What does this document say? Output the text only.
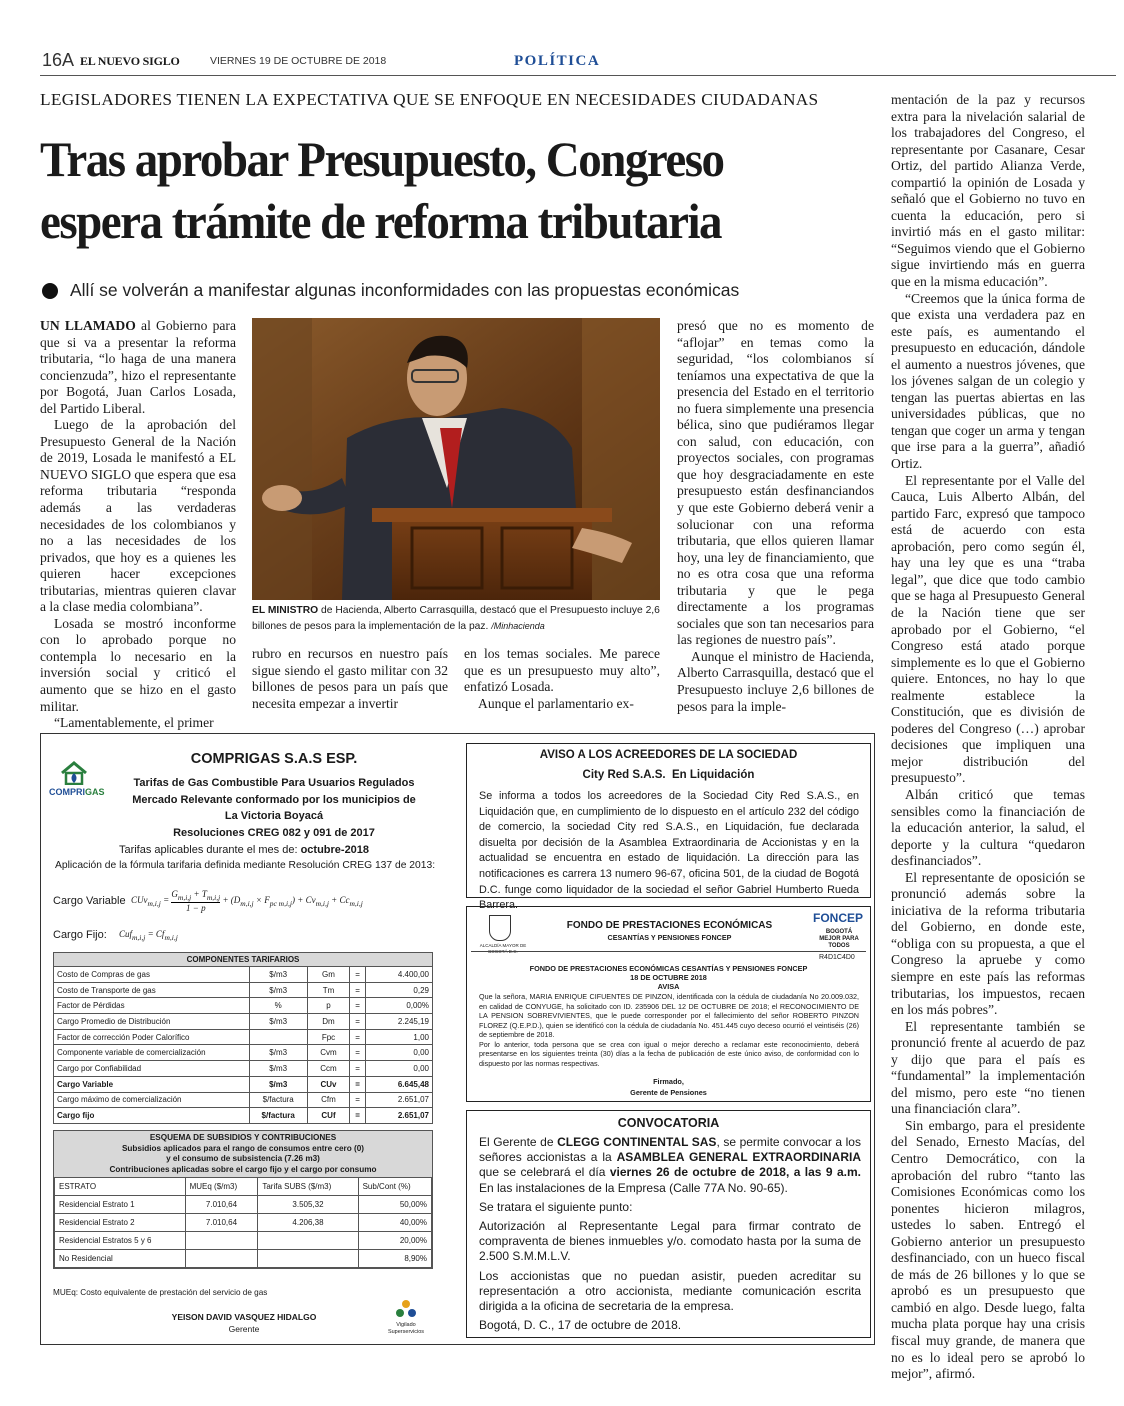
16A EL NUEVO SIGLO	VIERNES 19 DE OCTUBRE DE 2018	POLÍTICA
LEGISLADORES TIENEN LA EXPECTATIVA QUE SE ENFOQUE EN NECESIDADES CIUDADANAS
Tras aprobar Presupuesto, Congreso
espera trámite de reforma tributaria
Allí se volverán a manifestar algunas inconformidades con las propuestas económicas
EL MINISTRO de Hacienda, Alberto Carrasquilla, destacó que el Presupuesto incluye 2,6 billones de pesos para la implementación de la paz. /Minhacienda

UN LLAMADO al Gobierno para que si va a presentar la reforma tributaria, “lo haga de una manera concienzuda”, hizo el representante por Bogotá, Juan Carlos Losada, del Partido Liberal.

Luego de la aprobación del Presupuesto General de la Nación de 2019, Losada le manifestó a EL NUEVO SIGLO que espera que esa reforma tributaria “responda además a las verdaderas necesidades de los colombianos y no a las necesidades de los privados, que hoy es a quienes les quieren hacer excepciones tributarias, mientras quieren clavar a la clase media colombiana”.

Losada se mostró inconforme con lo aprobado porque no contempla lo necesario en la inversión social y criticó el aumento que se hizo en el gasto militar.

“Lamentablemente, el primer

rubro en recursos en nuestro país sigue siendo el gasto militar con 32 billones de pesos para un país que necesita empezar a invertir

en los temas sociales. Me parece que es un presupuesto muy alto”, enfatizó Losada.

Aunque el parlamentario ex-

presó que no es momento de “aflojar” en temas como la seguridad, “los colombianos sí teníamos una expectativa de que la presencia del Estado en el territorio no fuera simplemente una presencia bélica, sino que pudiéramos llegar con salud, con educación, con proyectos sociales, con programas que hoy desgraciadamente en este presupuesto están desfinanciandos y que este Gobierno deberá venir a solucionar con una reforma tributaria, que ellos quieren llamar hoy, una ley de financiamiento, que no es otra cosa que una reforma tributaria y que le pega directamente a los programas sociales que son tan necesarios para las regiones de nuestro país”.

Aunque el ministro de Hacienda, Alberto Carrasquilla, destacó que el Presupuesto incluye 2,6 billones de pesos para la imple-

mentación de la paz y recursos extra para la nivelación salarial de los trabajadores del Congreso, el representante por Casanare, Cesar Ortiz, del partido Alianza Verde, compartió la opinión de Losada y señaló que el Gobierno no tuvo en cuenta la educación, pero si invirtió más en el gasto militar: “Seguimos viendo que el Gobierno sigue invirtiendo más en guerra que en la misma educación”.

“Creemos que la única forma de que exista una verdadera paz en este país, es aumentando el presupuesto en educación, dándole el aumento a nuestros jóvenes, que los jóvenes salgan de un colegio y tengan las puertas abiertas en las universidades públicas, que no tengan que coger un arma y tengan que irse para a la guerra”, añadió Ortiz.

El representante por el Valle del Cauca, Luis Alberto Albán, del partido Farc, expresó que tampoco está de acuerdo con esta aprobación, pero como según él, hay una ley que es una “traba legal”, que dice que todo cambio que se haga al Presupuesto General de la Nación tiene que ser aprobado por el Gobierno, “el Congreso está atado porque simplemente es lo que el Gobierno quiere. Entonces, no hay lo que realmente establece la Constitución, que es división de poderes del Congreso (…) aprobar decisiones que impliquen una mejor distribución del presupuesto”.

Albán criticó que temas sensibles como la financiación de la educación anterior, la salud, el deporte y la cultura “quedaron desfinanciados”.

El representante de oposición se pronunció además sobre la iniciativa de la reforma tributaria del Gobierno, en donde este, “obliga con su propuesta, a que el Congreso la apruebe y como siempre en este país las reformas tributarias, los impuestos, recaen en los más pobres”.

El representante también se pronunció frente al acuerdo de paz y dijo que para el país es “fundamental” la implementación del mismo, pero este “no tienen una financiación clara”.

Sin embargo, para el presidente del Senado, Ernesto Macías, del Centro Democrático, con la aprobación del rubro “tanto las Comisiones Económicas como los ponentes hicieron milagros, ustedes lo saben. Entregó el Gobierno anterior un presupuesto desfinanciado, con un hueco fiscal de más de 26 billones y lo que se aprobó es un presupuesto que cambió en algo. Desde luego, falta mucha plata porque hay una crisis fiscal muy grande, de manera que no es lo ideal pero se aprobó lo mejor”, afirmó.

COMPRIGAS
COMPRIGAS S.A.S ESP.
Tarifas de Gas Combustible Para Usuarios Regulados
Mercado Relevante conformado por los municipios de
La Victoria Boyacá
Resoluciones CREG 082 y 091 de 2017
Tarifas aplicables durante el mes de: octubre-2018
Aplicación de la fórmula tarifaria definida mediante Resolución CREG 137 de 2013:
Cargo Variable $CUv_{m,i,j} = \frac{G_{m,i,j} + T_{m,i,j}}{1 - p} + (D_{m,i,j} \times F_{pc m,i,j}) + Cv_{m,i,j} + Cc_{m,i,j}$
Cargo Fijo: $Cuf_{m,i,j} = Cf_{m,i,j}$
COMPONENTES TARIFARIOS				
Costo de Compras de gas	$/m3	Gm	=	4.400,00
Costo de Transporte de gas	$/m3	Tm	=	0,29
Factor de Pérdidas	%	p	=	0,00%
Cargo Promedio de Distribución	$/m3	Dm	=	2.245,19
Factor de corrección Poder Calorífico		Fpc	=	1,00
Componente variable de comercialización	$/m3	Cvm	=	0,00
Cargo por Confiabilidad	$/m3	Ccm	=	0,00
Cargo Variable	$/m3	CUv	=	6.645,48
Cargo máximo de comercialización	$/factura	Cfm	=	2.651,07
Cargo fijo	$/factura	CUf	=	2.651,07
ESQUEMA DE SUBSIDIOS Y CONTRIBUCIONES
Subsidios aplicados para el rango de consumos entre cero (0)
y el consumo de subsistencia (7.26 m3)
Contribuciones aplicadas sobre el cargo fijo y el cargo por consumo
ESTRATO	MUEq ($/m3)	Tarifa SUBS ($/m3)	Sub/Cont (%)
Residencial Estrato 1	7.010,64	3.505,32	50,00%
Residencial Estrato 2	7.010,64	4.206,38	40,00%
Residencial Estratos 5 y 6			20,00%
No Residencial			8,90%
MUEq: Costo equivalente de prestación del servicio de gas
YEISON DAVID VASQUEZ HIDALGO
Gerente	Vigilado Superservicios
AVISO A LOS ACREEDORES DE LA SOCIEDAD
City Red S.A.S.  En Liquidación
Se informa a todos los acreedores de la Sociedad City Red S.A.S., en Liquidación que, en cumplimiento de lo dispuesto en el artículo 232 del código de comercio, la sociedad City red S.A.S., en Liquidación, fue declarada disuelta por decisión de la Asamblea Extraordinaria de Accionistas y en la actualidad se encuentra en estado de liquidación. La dirección para las notificaciones es carrera 13 numero 96-67, oficina 501, de la ciudad de Bogotá D.C. funge como liquidador de la sociedad el señor Gabriel Humberto Rueda Barrera.
ALCALDÍA MAYOR DE
FONDO DE PRESTACIONES ECONÓMICAS
CESANTÍAS Y PENSIONES FONCEP
FONCEP
BOGOTÁ MEJOR PARA TODOS
R4D1C4D0
FONDO DE PRESTACIONES ECONÓMICAS CESANTÍAS Y PENSIONES FONCEP
18 DE OCTUBRE 2018
AVISA
Que la señora, MARIA ENRIQUE CIFUENTES DE PINZON, identificada con la cédula de ciudadanía No 20.009.032, en calidad de CONYUGE, ha solicitado con ID. 235906 DEL 12 DE OCTUBRE DE 2018; el RECONOCIMIENTO DE LA PENSION SOBREVIVIENTES, que le puede corresponder por el fallecimiento del señor ROBERTO PINZON FLOREZ (Q.E.P.D.), quien se identificó con la cédula de ciudadanía No. 451.445 cuyo deceso ocurrió el veintiséis (26) de septiembre de 2018.
Por lo anterior, toda persona que se crea con igual o mejor derecho a reclamar este reconocimiento, deberá presentarse en los siguientes treinta (30) días a la fecha de publicación de este único aviso, de conformidad con lo dispuesto por las normas respectivas.
Firmado,
Gerente de Pensiones
CONVOCATORIA
El Gerente de CLEGG CONTINENTAL SAS, se permite convocar a los señores accionistas a la ASAMBLEA GENERAL EXTRAORDINARIA que se celebrará el día viernes 26 de octubre de 2018, a las 9 a.m. En las instalaciones de la Empresa (Calle 77A No. 90-65).
Se tratara el siguiente punto:
Autorización al Representante Legal para firmar contrato de compraventa de bienes inmuebles y/o. comodato hasta por la suma de 2.500 S.M.M.L.V.
Los accionistas que no puedan asistir, pueden acreditar su representación a otro accionista, mediante comunicación escrita dirigida a la oficina de secretaria de la empresa.
Bogotá, D. C., 17 de octubre de 2018.
